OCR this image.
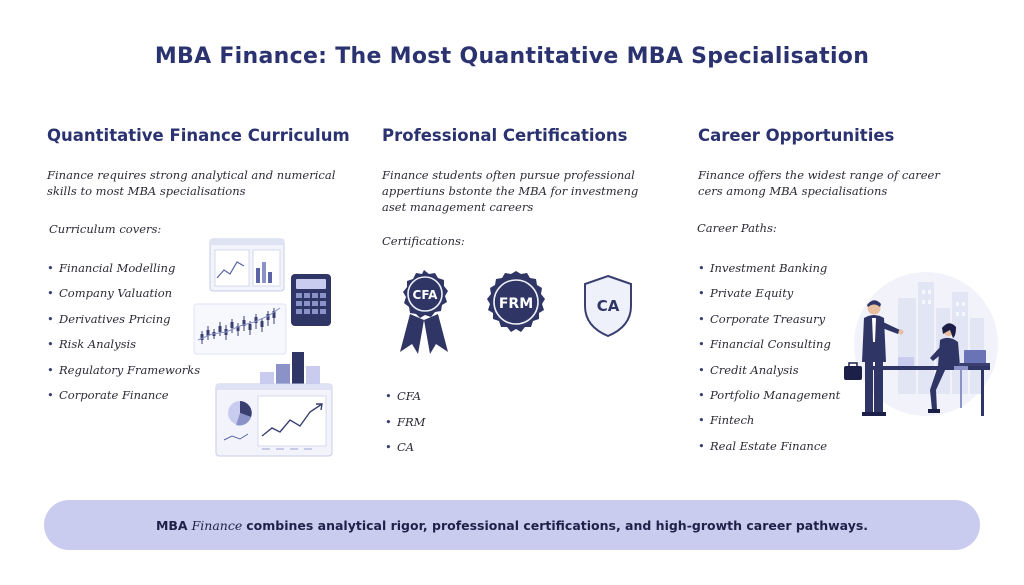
MBA Finance: The Most Quantitative MBA Specialisation
Quantitative Finance Curriculum
Finance requires strong analytical and numerical skills to most MBA specialisations
Curriculum covers:
• Financial Modelling
• Company Valuation
• Derivatives Pricing
• Risk Analysis
• Regulatory Frameworks
• Corporate Finance
Professional Certifications
Finance students often pursue professional appertiuns bstonte the MBA for investmeng aset management careers
Certifications:
CFA
FRM	CA
• CFA
• FRM
• CA
Career Opportunities
Finance offers the widest range of career cers among MBA specialisations
Career Paths:
• Investment Banking
• Private Equity
• Corporate Treasury
• Financial Consulting
• Credit Analysis
• Portfolio Management
• Fintech
• Real Estate Finance
MBA Finance combines analytical rigor, professional certifications, and high-growth career pathways.
